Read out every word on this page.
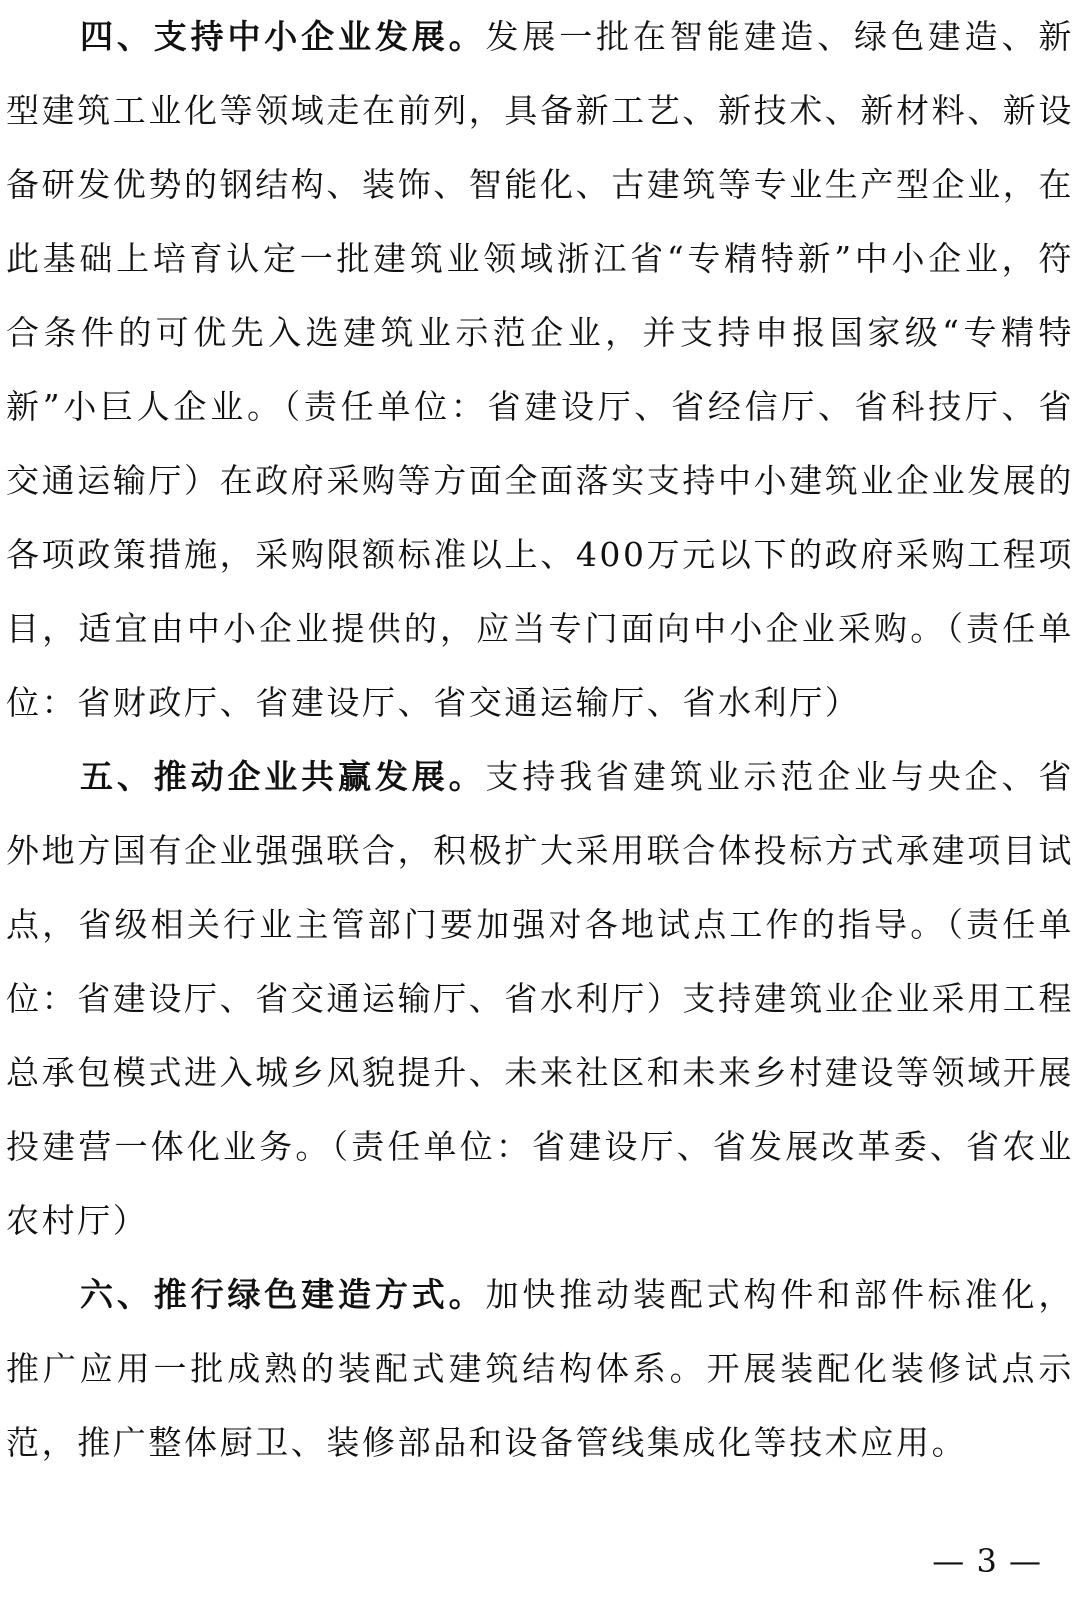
四、支持中小企业发展。发展一批在智能建造、绿色建造、新型建筑工业化等领域走在前列，具备新工艺、新技术、新材料、新设备研发优势的钢结构、装饰、智能化、古建筑等专业生产型企业，在此基础上培育认定一批建筑业领域浙江省“专精特新”中小企业，符合条件的可优先入选建筑业示范企业，并支持申报国家级“专精特新”小巨人企业。（责任单位：省建设厅、省经信厅、省科技厅、省交通运输厅）在政府采购等方面全面落实支持中小建筑业企业发展的各项政策措施，采购限额标准以上、400万元以下的政府采购工程项目，适宜由中小企业提供的，应当专门面向中小企业采购。（责任单位：省财政厅、省建设厅、省交通运输厅、省水利厅）

五、推动企业共赢发展。支持我省建筑业示范企业与央企、省外地方国有企业强强联合，积极扩大采用联合体投标方式承建项目试点，省级相关行业主管部门要加强对各地试点工作的指导。（责任单位：省建设厅、省交通运输厅、省水利厅）支持建筑业企业采用工程总承包模式进入城乡风貌提升、未来社区和未来乡村建设等领域开展投建营一体化业务。（责任单位：省建设厅、省发展改革委、省农业农村厅）

六、推行绿色建造方式。加快推动装配式构件和部件标准化，推广应用一批成熟的装配式建筑结构体系。开展装配化装修试点示范，推广整体厨卫、装修部品和设备管线集成化等技术应用。

— 3 —
